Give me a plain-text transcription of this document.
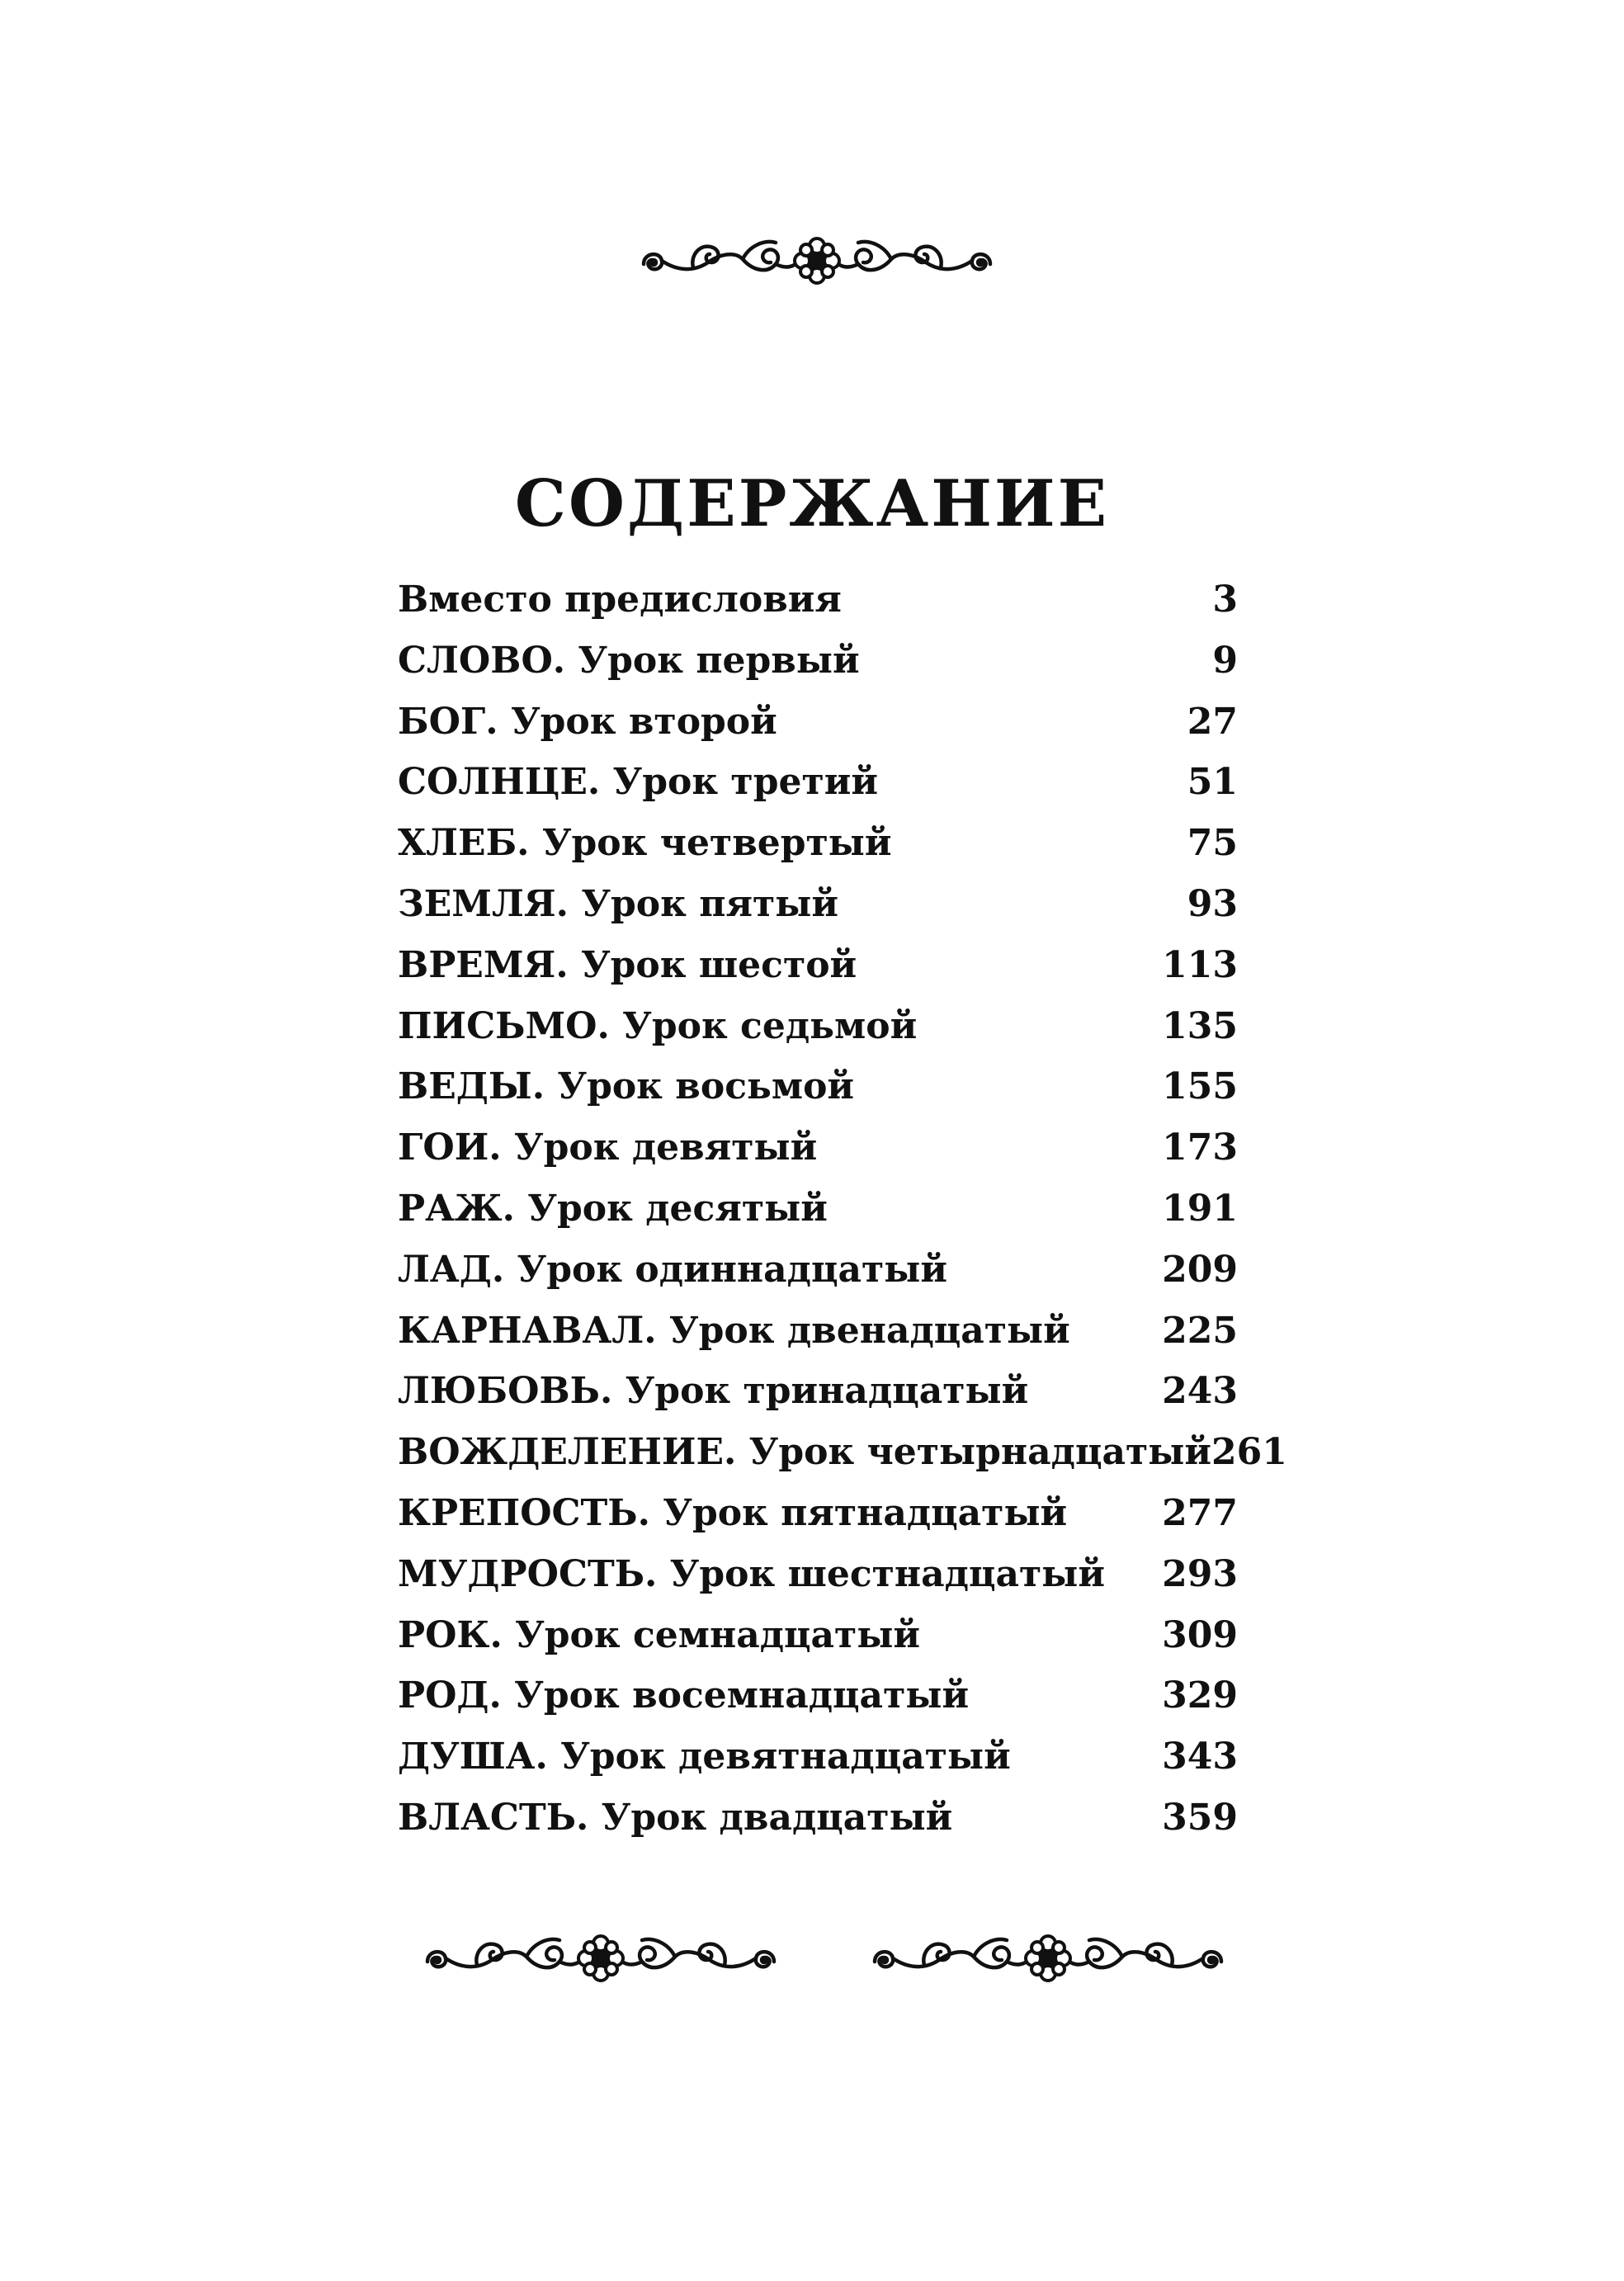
СОДЕРЖАНИЕ
Вместо предисловия	3
СЛОВО. Урок первый	9
БОГ. Урок второй	27
СОЛНЦЕ. Урок третий	51
ХЛЕБ. Урок четвертый	75
ЗЕМЛЯ. Урок пятый	93
ВРЕМЯ. Урок шестой	113
ПИСЬМО. Урок седьмой	135
ВЕДЫ. Урок восьмой	155
ГОИ. Урок девятый	173
РАЖ. Урок десятый	191
ЛАД. Урок одиннадцатый	209
КАРНАВАЛ. Урок двенадцатый	225
ЛЮБОВЬ. Урок тринадцатый	243
ВОЖДЕЛЕНИЕ. Урок четырнадцатый 261
КРЕПОСТЬ. Урок пятнадцатый	277
МУДРОСТЬ. Урок шестнадцатый 293
РОК. Урок семнадцатый	309
РОД. Урок восемнадцатый	329
ДУША. Урок девятнадцатый	343
ВЛАСТЬ. Урок двадцатый	359
